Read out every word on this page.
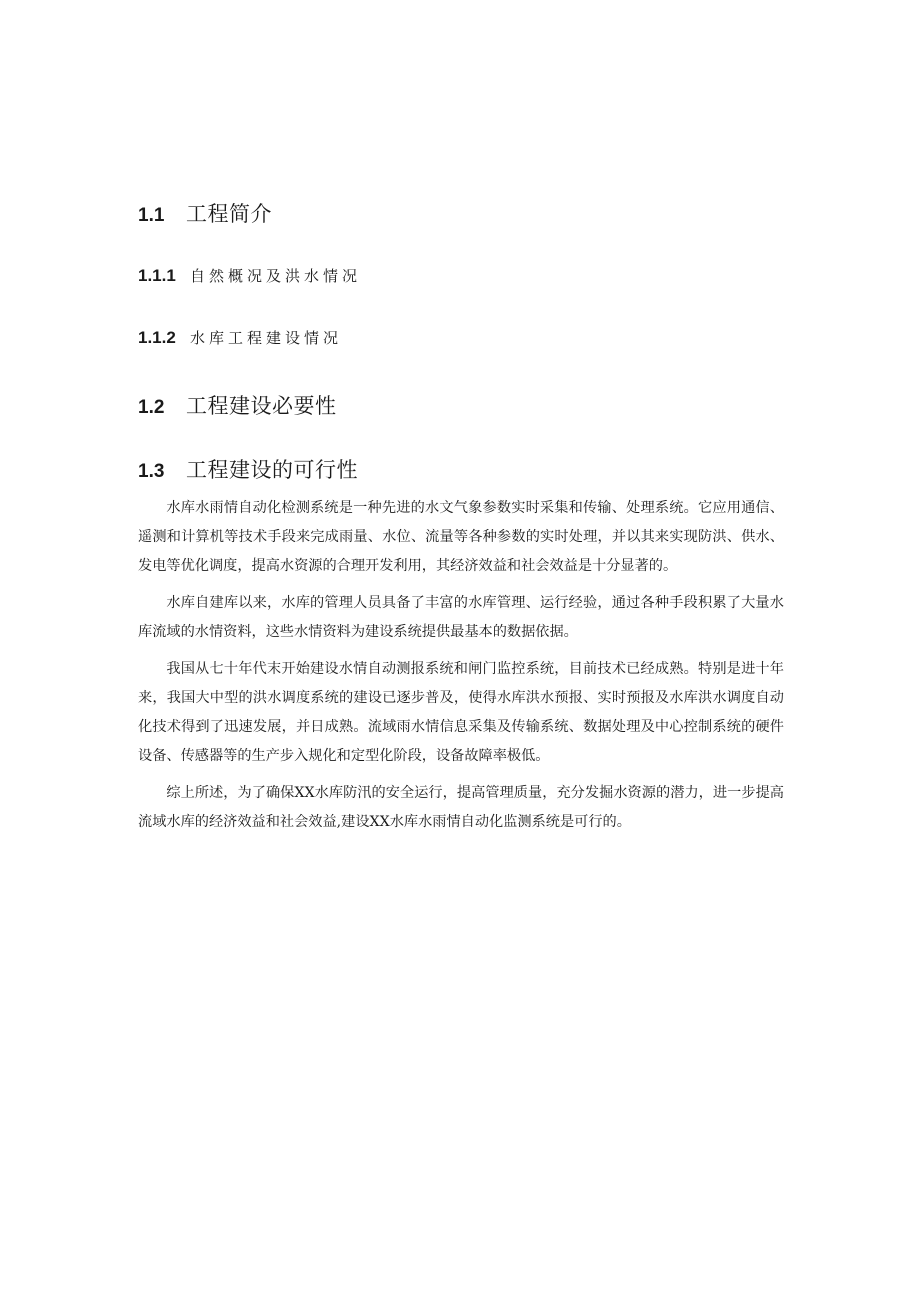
1.1	工程简介
1.1.1 自然概况及洪水情况
1.1.2 水库工程建设情况
1.2	工程建设必要性
1.3	工程建设的可行性

水库水雨情自动化检测系统是一种先进的水文气象参数实时采集和传输、处理系统。它应用通信、遥测和计算机等技术手段来完成雨量、水位、流量等各种参数的实时处理，并以其来实现防洪、供水、发电等优化调度，提高水资源的合理开发利用，其经济效益和社会效益是十分显著的。

水库自建库以来，水库的管理人员具备了丰富的水库管理、运行经验，通过各种手段积累了大量水库流域的水情资料，这些水情资料为建设系统提供最基本的数据依据。

我国从七十年代末开始建设水情自动测报系统和闸门监控系统，目前技术已经成熟。特别是进十年来，我国大中型的洪水调度系统的建设已逐步普及，使得水库洪水预报、实时预报及水库洪水调度自动化技术得到了迅速发展，并日成熟。流域雨水情信息采集及传输系统、数据处理及中心控制系统的硬件设备、传感器等的生产步入规化和定型化阶段，设备故障率极低。

综上所述，为了确保XX水库防汛的安全运行，提高管理质量，充分发掘水资源的潜力，进一步提高流域水库的经济效益和社会效益,建设XX水库水雨情自动化监测系统是可行的。
